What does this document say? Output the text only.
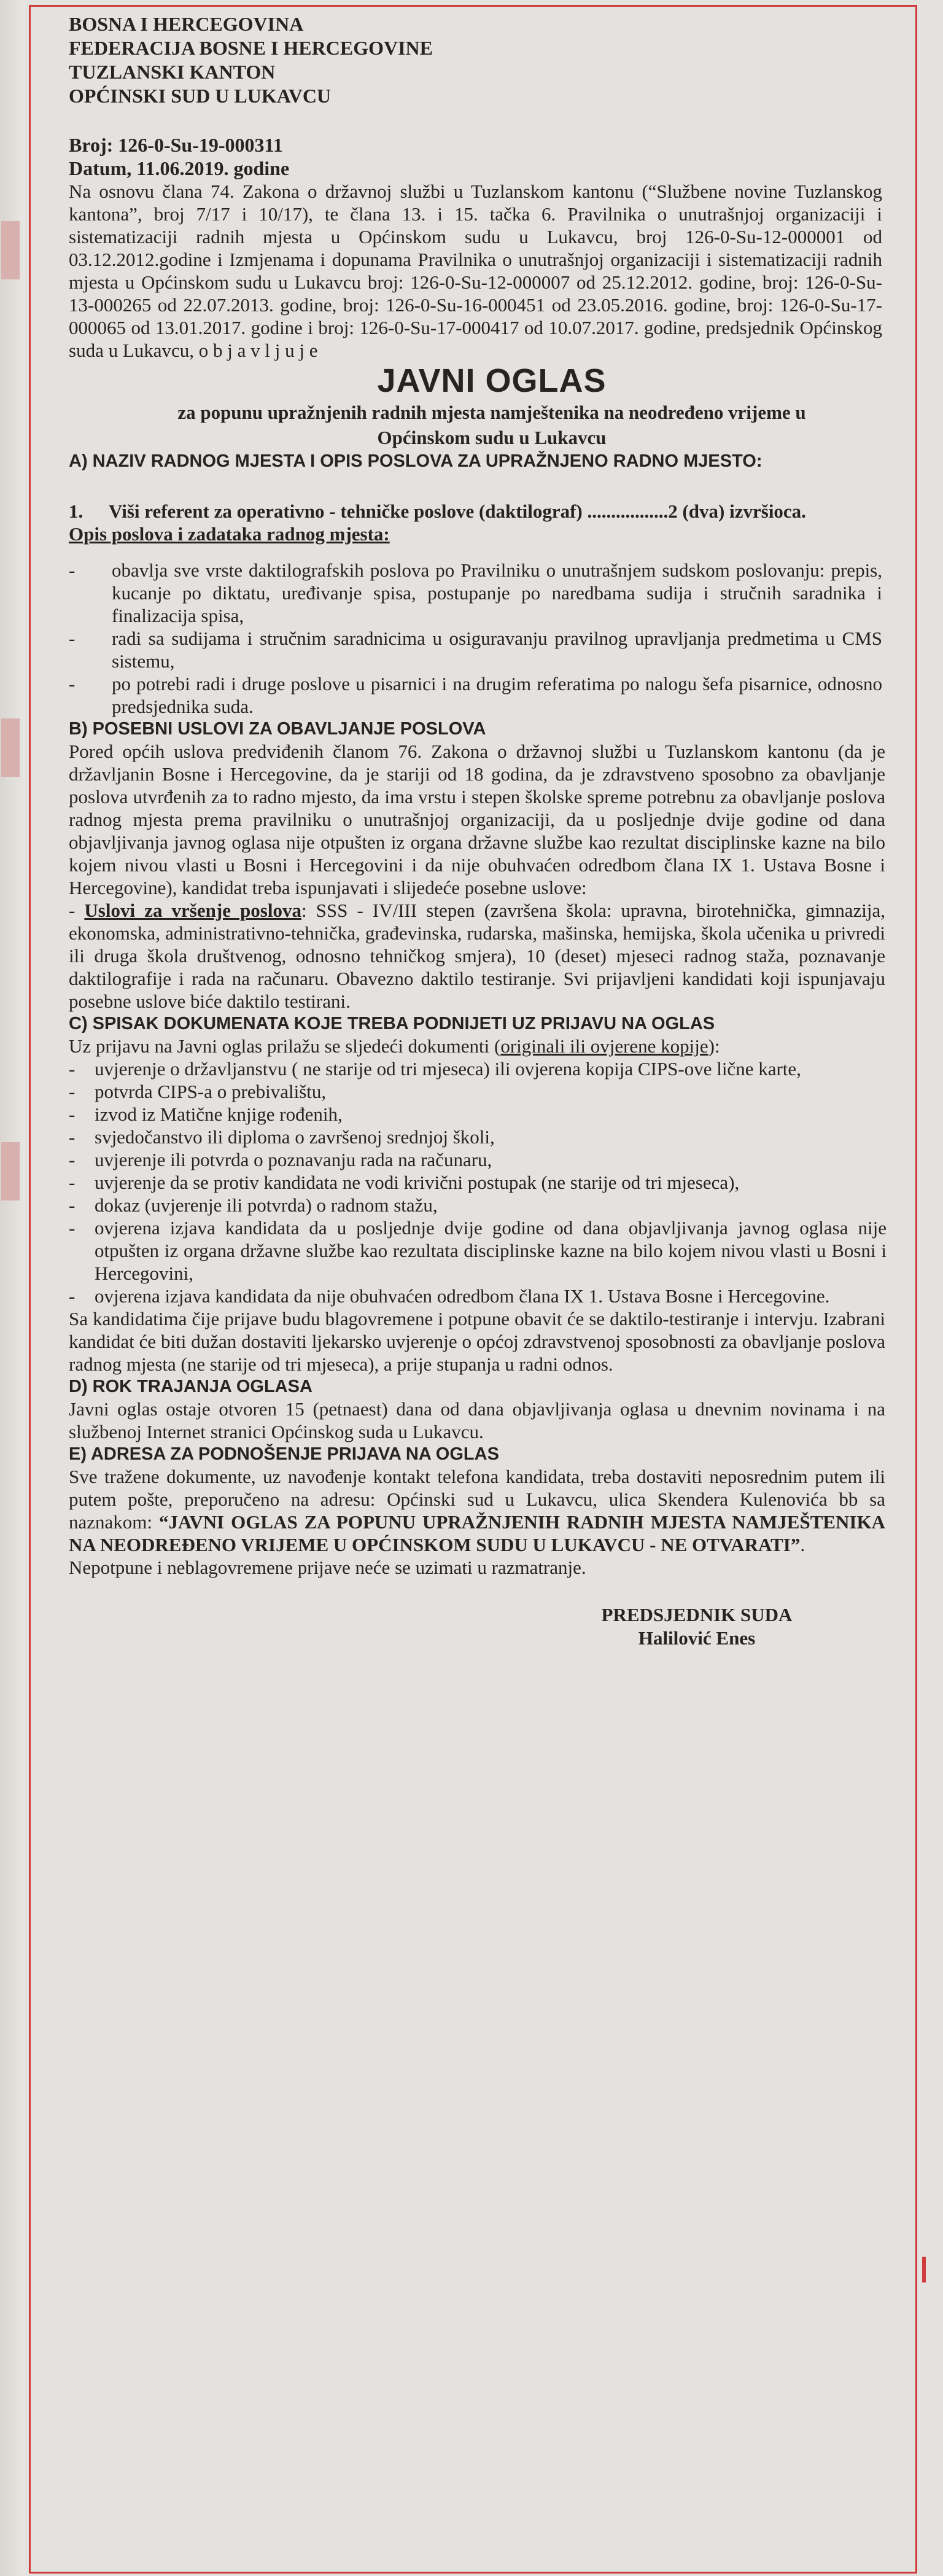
BOSNA I HERCEGOVINA

FEDERACIJA BOSNE I HERCEGOVINE

TUZLANSKI KANTON

OPĆINSKI SUD U LUKAVCU

Broj: 126-0-Su-19-000311

Datum, 11.06.2019. godine

Na osnovu člana 74. Zakona o državnoj službi u Tuzlanskom kantonu (“Službene novine Tuzlanskog kantona”, broj 7/17 i 10/17), te člana 13. i 15. tačka 6. Pravilnika o unutrašnjoj organizaciji i sistematizaciji radnih mjesta u Općinskom sudu u Lukavcu, broj 126-0-Su-12-000001 od 03.12.2012.godine i Izmjenama i dopunama Pravilnika o unutrašnjoj organizaciji i sistematizaciji radnih mjesta u Općinskom sudu u Lukavcu broj: 126-0-Su-12-000007 od 25.12.2012. godine, broj: 126-0-Su-13-000265 od 22.07.2013. godine, broj: 126-0-Su-16-000451 od 23.05.2016. godine, broj: 126-0-Su-17-000065 od 13.01.2017. godine i broj: 126-0-Su-17-000417 od 10.07.2017. godine, predsjednik Općinskog suda u Lukavcu, o b j a v l j u j e

JAVNI OGLAS

za popunu upražnjenih radnih mjesta namještenika na neodređeno vrijeme u Općinskom sudu u Lukavcu

A) NAZIV RADNOG MJESTA I OPIS POSLOVA ZA UPRAŽNJENO RADNO MJESTO:

1.	Viši referent za operativno - tehničke poslove (daktilograf) .................2 (dva) izvršioca.

Opis poslova i zadataka radnog mjesta:

- obavlja sve vrste daktilografskih poslova po Pravilniku o unutrašnjem sudskom poslovanju: prepis, kucanje po diktatu, uređivanje spisa, postupanje po naredbama sudija i stručnih saradnika i finalizacija spisa,
- radi sa sudijama i stručnim saradnicima u osiguravanju pravilnog upravljanja predmetima u CMS sistemu,
- po potrebi radi i druge poslove u pisarnici i na drugim referatima po nalogu šefa pisarnice, odnosno predsjednika suda.

B) POSEBNI USLOVI ZA OBAVLJANJE POSLOVA

Pored općih uslova predviđenih članom 76. Zakona o državnoj službi u Tuzlanskom kantonu (da je državljanin Bosne i Hercegovine, da je stariji od 18 godina, da je zdravstveno sposobno za obavljanje poslova utvrđenih za to radno mjesto, da ima vrstu i stepen školske spreme potrebnu za obavljanje poslova radnog mjesta prema pravilniku o unutrašnjoj organizaciji, da u posljednje dvije godine od dana objavljivanja javnog oglasa nije otpušten iz organa državne službe kao rezultat disciplinske kazne na bilo kojem nivou vlasti u Bosni i Hercegovini i da nije obuhvaćen odredbom člana IX 1. Ustava Bosne i Hercegovine), kandidat treba ispunjavati i slijedeće posebne uslove:

- Uslovi za vršenje poslova: SSS - IV/III stepen (završena škola: upravna, birotehnička, gimnazija, ekonomska, administrativno-tehnička, građevinska, rudarska, mašinska, hemijska, škola učenika u privredi ili druga škola društvenog, odnosno tehničkog smjera), 10 (deset) mjeseci radnog staža, poznavanje daktilografije i rada na računaru. Obavezno daktilo testiranje. Svi prijavljeni kandidati koji ispunjavaju posebne uslove biće daktilo testirani.

C) SPISAK DOKUMENATA KOJE TREBA PODNIJETI UZ PRIJAVU NA OGLAS

Uz prijavu na Javni oglas prilažu se sljedeći dokumenti (originali ili ovjerene kopije):

- uvjerenje o državljanstvu ( ne starije od tri mjeseca) ili ovjerena kopija CIPS-ove lične karte,
- potvrda CIPS-a o prebivalištu,
- izvod iz Matične knjige rođenih,
- svjedočanstvo ili diploma o završenoj srednjoj školi,
- uvjerenje ili potvrda o poznavanju rada na računaru,
- uvjerenje da se protiv kandidata ne vodi krivični postupak (ne starije od tri mjeseca),
- dokaz (uvjerenje ili potvrda) o radnom stažu,
- ovjerena izjava kandidata da u posljednje dvije godine od dana objavljivanja javnog oglasa nije otpušten iz organa državne službe kao rezultata disciplinske kazne na bilo kojem nivou vlasti u Bosni i Hercegovini,
- ovjerena izjava kandidata da nije obuhvaćen odredbom člana IX 1. Ustava Bosne i Hercegovine.

Sa kandidatima čije prijave budu blagovremene i potpune obavit će se daktilo-testiranje i intervju. Izabrani kandidat će biti dužan dostaviti ljekarsko uvjerenje o općoj zdravstvenoj sposobnosti za obavljanje poslova radnog mjesta (ne starije od tri mjeseca), a prije stupanja u radni odnos.

D) ROK TRAJANJA OGLASA

Javni oglas ostaje otvoren 15 (petnaest) dana od dana objavljivanja oglasa u dnevnim novinama i na službenoj Internet stranici Općinskog suda u Lukavcu.

E) ADRESA ZA PODNOŠENJE PRIJAVA NA OGLAS

Sve tražene dokumente, uz navođenje kontakt telefona kandidata, treba dostaviti neposrednim putem ili putem pošte, preporučeno na adresu: Općinski sud u Lukavcu, ulica Skendera Kulenovića bb sa naznakom: “JAVNI OGLAS ZA POPUNU UPRAŽNJENIH RADNIH MJESTA NAMJEŠTENIKA NA NEODREĐENO VRIJEME U OPĆINSKOM SUDU U LUKAVCU - NE OTVARATI”.

Nepotpune i neblagovremene prijave neće se uzimati u razmatranje.

PREDSJEDNIK SUDA
Halilović Enes
